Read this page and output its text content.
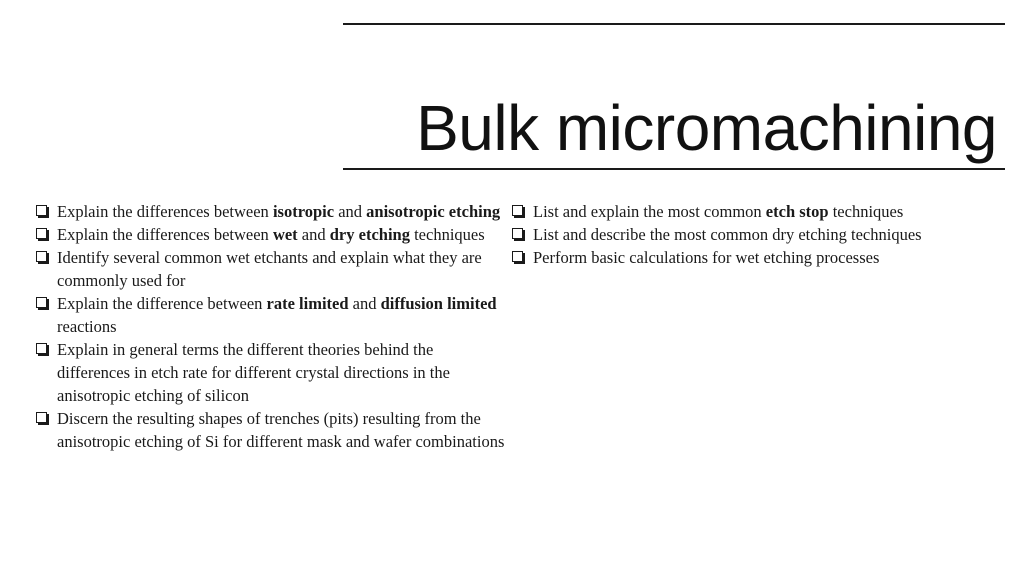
Bulk micromachining
Explain the differences between isotropic and anisotropic etching
Explain the differences between wet and dry etching techniques
Identify several common wet etchants and explain what they are commonly used for
Explain the difference between rate limited and diffusion limited reactions
Explain in general terms the different theories behind the differences in etch rate for different crystal directions in the anisotropic etching of silicon
Discern the resulting shapes of trenches (pits) resulting from the anisotropic etching of Si for different mask and wafer combinations
List and explain the most common etch stop techniques
List and describe the most common dry etching techniques
Perform basic calculations for wet etching processes
